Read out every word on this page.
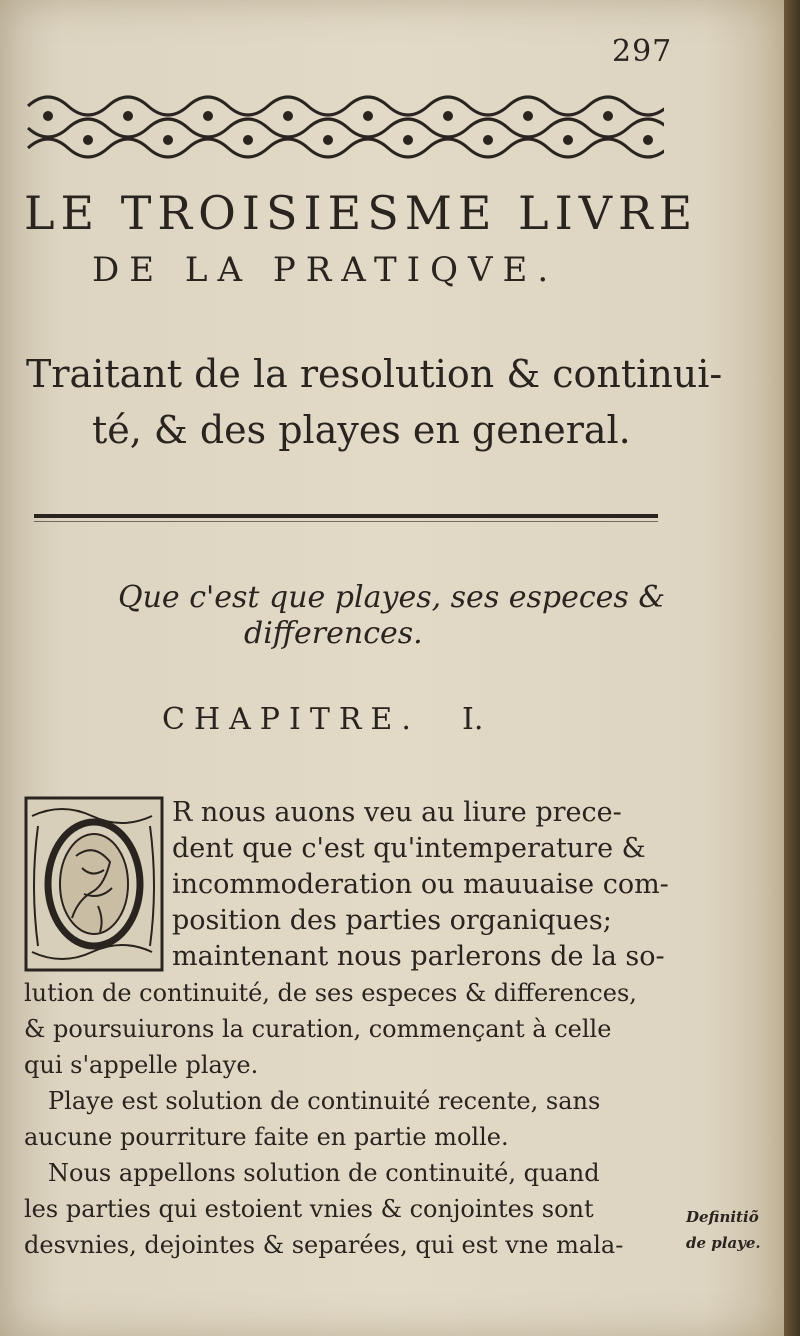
297
LE TROISIESME LIVRE
DE LA PRATIQVE.
Traitant de la resolution & continui-
té, & des playes en general.
Que c'est que playes, ses especes &
differences.
CHAPITRE. I.
R nous auons veu au liure prece-
dent que c'est qu'intemperature &
incommoderation ou mauuaise com-
position des parties organiques;
maintenant nous parlerons de la so-
lution de continuité, de ses especes & differences,
& poursuiurons la curation, commençant à celle
qui s'appelle playe.
Playe est solution de continuité recente, sans
aucune pourriture faite en partie molle.
Nous appellons solution de continuité, quand
les parties qui estoient vnies & conjointes sont
desvnies, dejointes & separées, qui est vne mala-
Definitiõ
de playe.
